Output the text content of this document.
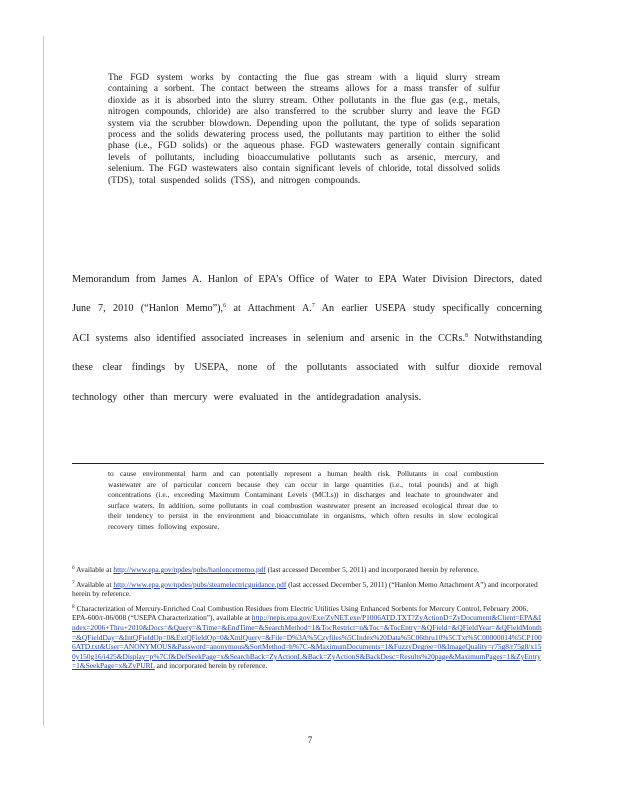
The FGD system works by contacting the flue gas stream with a liquid slurry stream containing a sorbent. The contact between the streams allows for a mass transfer of sulfur dioxide as it is absorbed into the slurry stream. Other pollutants in the flue gas (e.g., metals, nitrogen compounds, chloride) are also transferred to the scrubber slurry and leave the FGD system via the scrubber blowdown. Depending upon the pollutant, the type of solids separation process and the solids dewatering process used, the pollutants may partition to either the solid phase (i.e., FGD solids) or the aqueous phase. FGD wastewaters generally contain significant levels of pollutants, including bioaccumulative pollutants such as arsenic, mercury, and selenium. The FGD wastewaters also contain significant levels of chloride, total dissolved solids (TDS), total suspended solids (TSS), and nitrogen compounds.
Memorandum from James A. Hanlon of EPA’s Office of Water to EPA Water Division Directors, dated June 7, 2010 (“Hanlon Memo”),$^6$ at Attachment A.$^7$ An earlier USEPA study specifically concerning ACI systems also identified associated increases in selenium and arsenic in the CCRs.$^8$ Notwithstanding these clear findings by USEPA, none of the pollutants associated with sulfur dioxide removal technology other than mercury were evaluated in the antidegradation analysis.
to cause environmental harm and can potentially represent a human health risk. Pollutants in coal combustion wastewater are of particular concern because they can occur in large quantities (i.e., total pounds) and at high concentrations (i.e., exceeding Maximum Contaminant Levels (MCLs)) in discharges and leachate to groundwater and surface waters. In addition, some pollutants in coal combustion wastewater present an increased ecological threat due to their tendency to persist in the environment and bioaccumulate in organisms, which often results in slow ecological recovery times following exposure.
$^6$ Available at http://www.epa.gov/npdes/pubs/hanloncememo.pdf (last accessed December 5, 2011) and incorporated herein by reference.
$^7$ Available at http://www.epa.gov/npdes/pubs/steamelectricguidance.pdf (last accessed December 5, 2011) (“Hanlon Memo Attachment A”) and incorporated herein by reference.
$^8$ Characterization of Mercury-Enriched Coal Combustion Residues from Electric Utilities Using Enhanced Sorbents for Mercury Control, February 2006, EPA-600/r-06/008 (“USEPA Characterization”), available at http://nepis.epa.gov/Exe/ZyNET.exe/P1006ATD.TXT?ZyActionD=ZyDocument&Client=EPA&Index=2006+Thru+2010&Docs=&Query=&Time=&EndTime=&SearchMethod=1&TocRestrict=n&Toc=&TocEntry=&QField=&QFieldYear=&QFieldMonth=&QFieldDay=&IntQFieldOp=0&ExtQFieldOp=0&XmlQuery=&File=D%3A%5Czyfiles%5CIndex%20Data%5C06thru10%5CTxt%5C00000014%5CP1006ATD.txt&User=ANONYMOUS&Password=anonymous&SortMethod=h%7C-&MaximumDocuments=1&FuzzyDegree=0&ImageQuality=r75g8/r75g8/x150y150g16/i425&Display=p%7Cf&DefSeekPage=x&SearchBack=ZyActionL&Back=ZyActionS&BackDesc=Results%20page&MaximumPages=1&ZyEntry=1&SeekPage=x&ZyPURL and incorporated herein by reference.
7
